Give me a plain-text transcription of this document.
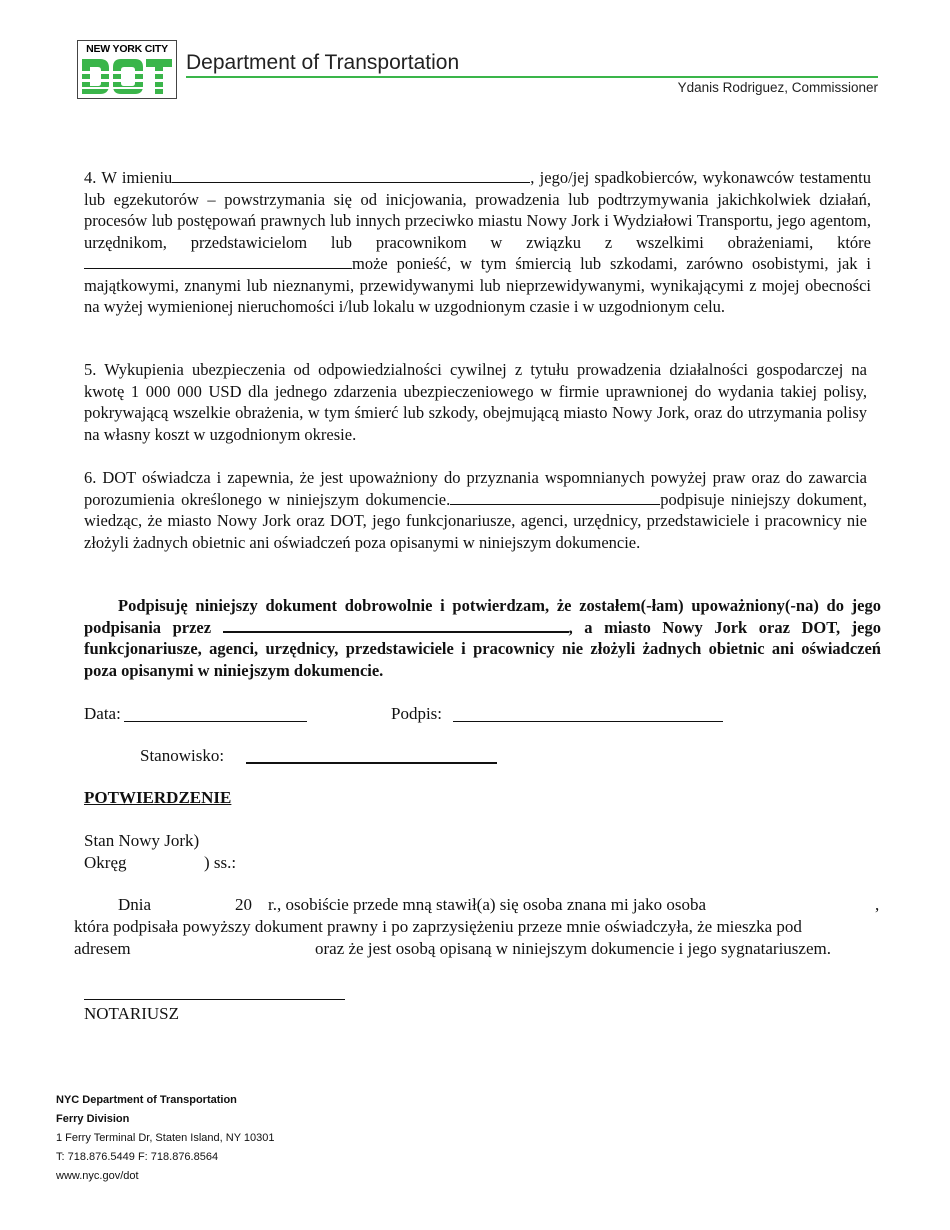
NEW YORK CITY
Department of Transportation
Ydanis Rodriguez, Commissioner

4. W imieniu	, jego/jej spadkobierców, wykonawców testamentu lub egzekutorów – powstrzymania się od inicjowania, prowadzenia lub podtrzymywania jakichkolwiek działań, procesów lub postępowań prawnych lub innych przeciwko miastu Nowy Jork i Wydziałowi Transportu, jego agentom, urzędnikom, przedstawicielom lub pracownikom w związku z wszelkimi obrażeniami, któremoże ponieść, w tym śmiercią lub szkodami, zarówno osobistymi, jak i majątkowymi, znanymi lub nieznanymi, przewidywanymi lub nieprzewidywanymi, wynikającymi z mojej obecności na wyżej wymienionej nieruchomości i/lub lokalu w uzgodnionym czasie i w uzgodnionym celu.

5. Wykupienia ubezpieczenia od odpowiedzialności cywilnej z tytułu prowadzenia działalności gospodarczej na kwotę 1 000 000 USD dla jednego zdarzenia ubezpieczeniowego w firmie uprawnionej do wydania takiej polisy, pokrywającą wszelkie obrażenia, w tym śmierć lub szkody, obejmującą miasto Nowy Jork, oraz do utrzymania polisy na własny koszt w uzgodnionym okresie.

6. DOT oświadcza i zapewnia, że jest upoważniony do przyznania wspomnianych powyżej praw oraz do zawarcia porozumienia określonego w niniejszym dokumencie.	podpisuje niniejszy dokument, wiedząc, że miasto Nowy Jork oraz DOT, jego funkcjonariusze, agenci, urzędnicy, przedstawiciele i pracownicy nie złożyli żadnych obietnic ani oświadczeń poza opisanymi w niniejszym dokumencie.

Podpisuję niniejszy dokument dobrowolnie i potwierdzam, że zostałem(-łam) upoważniony(-na) do jego podpisania przez	, a miasto Nowy Jork oraz DOT, jego funkcjonariusze, agenci, urzędnicy, przedstawiciele i pracownicy nie złożyli żadnych obietnic ani oświadczeń poza opisanymi w niniejszym dokumencie.

Data:	Podpis:
Stanowisko:
POTWIERDZENIE
Stan Nowy Jork)
Okręg	) ss.:
Dnia	20 r., osobiście przede mną stawił(a) się osoba znana mi jako osoba	,
która podpisała powyższy dokument prawny i po zaprzysiężeniu przeze mnie oświadczyła, że mieszka pod
adresem	oraz że jest osobą opisaną w niniejszym dokumencie i jego sygnatariuszem.
NOTARIUSZ
NYC Department of Transportation
Ferry Division
1 Ferry Terminal Dr, Staten Island, NY 10301
T: 718.876.5449 F: 718.876.8564
www.nyc.gov/dot
